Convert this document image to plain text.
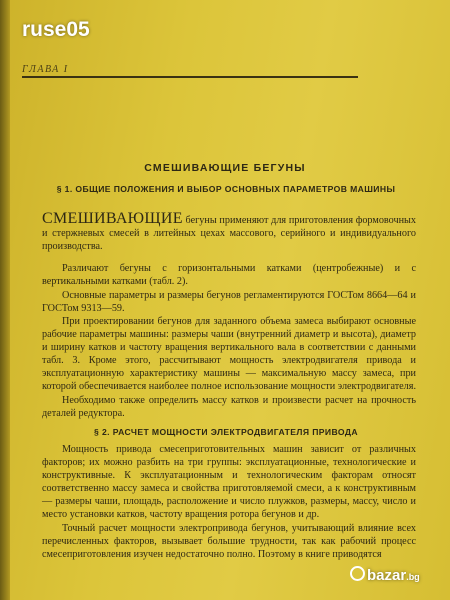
ruse05
ГЛАВА I
СМЕШИВАЮЩИЕ БЕГУНЫ
§ 1. ОБЩИЕ ПОЛОЖЕНИЯ И ВЫБОР ОСНОВНЫХ ПАРАМЕТРОВ МАШИНЫ

СМЕШИВАЮЩИЕ бегуны применяют для приготовления формовочных и стержневых смесей в литейных цехах массового, серийного и индивидуального производства.

Различают бегуны с горизонтальными катками (центробежные) и с вертикальными катками (табл. 2).

Основные параметры и размеры бегунов регламентируются ГОСТом 8664—64 и ГОСТом 9313—59.

§ 2. РАСЧЕТ МОЩНОСТИ ЭЛЕКТРОДВИГАТЕЛЯ ПРИВОДА

Мощность привода смесеприготовительных машин зависит от различных факторов; их можно разбить на три группы: эксплуатационные, технологические и конструктивные. К эксплуатационным и технологическим факторам относят соответственно массу замеса и свойства приготовляемой смеси, а к конструктивным — размеры чаши, площадь, расположение и число плужков, размеры, массу, число и место установки катков, частоту вращения ротора бегунов и др.

Точный расчет мощности электропривода бегунов, учитывающий влияние всех перечисленных факторов, вызывает большие трудности, так как рабочий процесс смесеприготовления изучен недостаточно полно. Поэтому в книге приводятся

bazar.bg

При проектировании бегунов для заданного объема замеса выбирают основные рабочие параметры машины: размеры чаши (внутренний диаметр и высота), диаметр и ширину катков и частоту вращения вертикального вала в соответствии с данными табл. 3. Кроме этого, рассчитывают мощность электродвигателя привода и эксплуатационную характеристику машины — максимальную массу замеса, при которой обеспечивается наиболее полное использование мощности электродвигателя.

Необходимо также определить массу катков и произвести расчет на прочность деталей редуктора.
